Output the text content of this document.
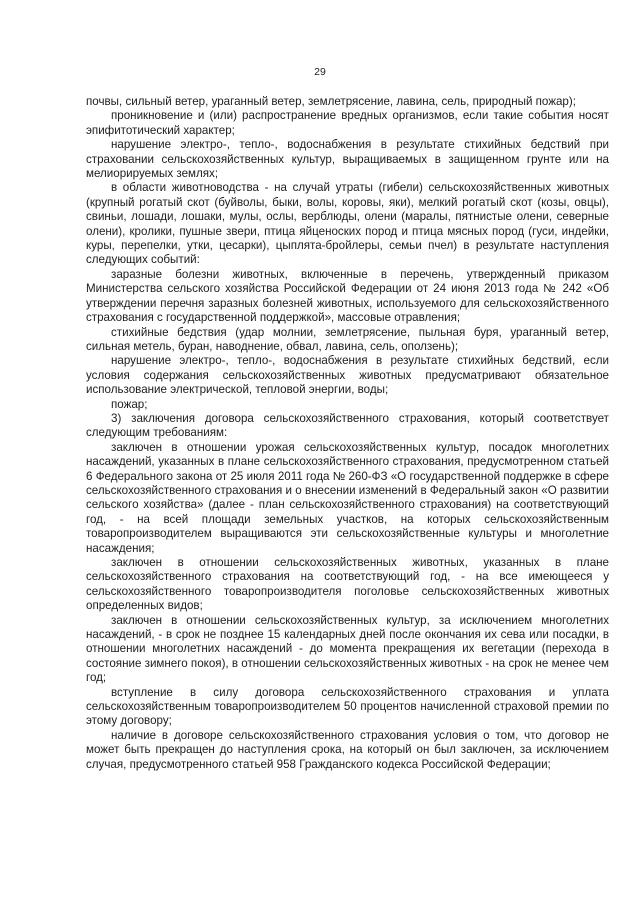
29

почвы, сильный ветер, ураганный ветер, землетрясение, лавина, сель, природный пожар);

проникновение и (или) распространение вредных организмов, если такие события носят эпифитотический характер;

нарушение электро-, тепло-, водоснабжения в результате стихийных бедствий при страховании сельскохозяйственных культур, выращиваемых в защищенном грунте или на мелиорируемых землях;

в области животноводства - на случай утраты (гибели) сельскохозяйственных животных (крупный рогатый скот (буйволы, быки, волы, коровы, яки), мелкий рогатый скот (козы, овцы), свиньи, лошади, лошаки, мулы, ослы, верблюды, олени (маралы, пятнистые олени, северные олени), кролики, пушные звери, птица яйценоских пород и птица мясных пород (гуси, индейки, куры, перепелки, утки, цесарки), цыплята-бройлеры, семьи пчел) в результате наступления следующих событий:

заразные болезни животных, включенные в перечень, утвержденный приказом Министерства сельского хозяйства Российской Федерации от 24 июня 2013 года № 242 «Об утверждении перечня заразных болезней животных, используемого для сельскохозяйственного страхования с государственной поддержкой», массовые отравления;

стихийные бедствия (удар молнии, землетрясение, пыльная буря, ураганный ветер, сильная метель, буран, наводнение, обвал, лавина, сель, оползень);

нарушение электро-, тепло-, водоснабжения в результате стихийных бедствий, если условия содержания сельскохозяйственных животных предусматривают обязательное использование электрической, тепловой энергии, воды;

пожар;

3) заключения договора сельскохозяйственного страхования, который соответствует следующим требованиям:

заключен в отношении урожая сельскохозяйственных культур, посадок многолетних насаждений, указанных в плане сельскохозяйственного страхования, предусмотренном статьей 6 Федерального закона от 25 июля 2011 года № 260-ФЗ «О государственной поддержке в сфере сельскохозяйственного страхования и о внесении изменений в Федеральный закон «О развитии сельского хозяйства» (далее - план сельскохозяйственного страхования) на соответствующий год, - на всей площади земельных участков, на которых сельскохозяйственным товаропроизводителем выращиваются эти сельскохозяйственные культуры и многолетние насаждения;

заключен в отношении сельскохозяйственных животных, указанных в плане сельскохозяйственного страхования на соответствующий год, - на все имеющееся у сельскохозяйственного товаропроизводителя поголовье сельскохозяйственных животных определенных видов;

заключен в отношении сельскохозяйственных культур, за исключением многолетних насаждений, - в срок не позднее 15 календарных дней после окончания их сева или посадки, в отношении многолетних насаждений - до момента прекращения их вегетации (перехода в состояние зимнего покоя), в отношении сельскохозяйственных животных - на срок не менее чем год;

вступление в силу договора сельскохозяйственного страхования и уплата сельскохозяйственным товаропроизводителем 50 процентов начисленной страховой премии по этому договору;

наличие в договоре сельскохозяйственного страхования условия о том, что договор не может быть прекращен до наступления срока, на который он был заключен, за исключением случая, предусмотренного статьей 958 Гражданского кодекса Российской Федерации;
